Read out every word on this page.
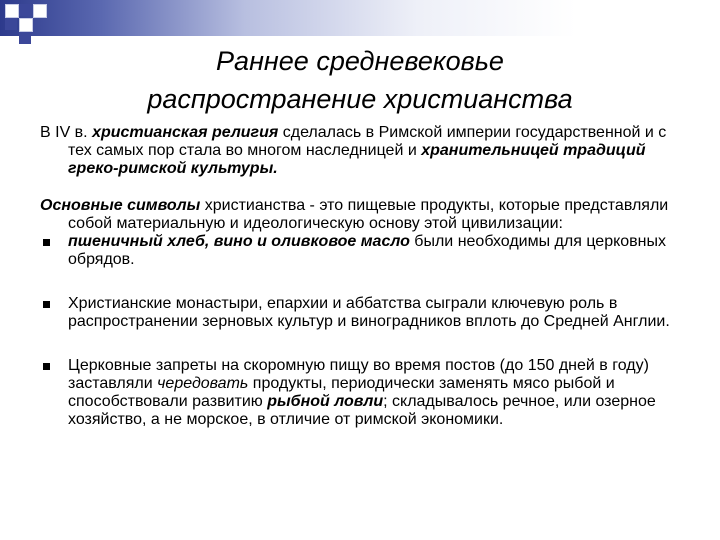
Раннее средневековье
распространение христианства

В IV в. христианская религия сделалась в Римской империи государственной и с тех самых пор стала во многом наследницей и хранительницей традиций греко-римской культуры.

Основные символы христианства - это пищевые продукты, которые представляли собой материальную и идеологическую основу этой цивилизации:

пшеничный хлеб, вино и оливковое масло были необходимы для церковных обрядов.
Христианские монастыри, епархии и аббатства сыграли ключевую роль в распространении зерновых культур и виноградников вплоть до Средней Англии.
Церковные запреты на скоромную пищу во время постов (до 150 дней в году) заставляли чередовать продукты, периодически заменять мясо рыбой и способствовали развитию рыбной ловли; складывалось речное, или озерное хозяйство, а не морское, в отличие от римской экономики.
